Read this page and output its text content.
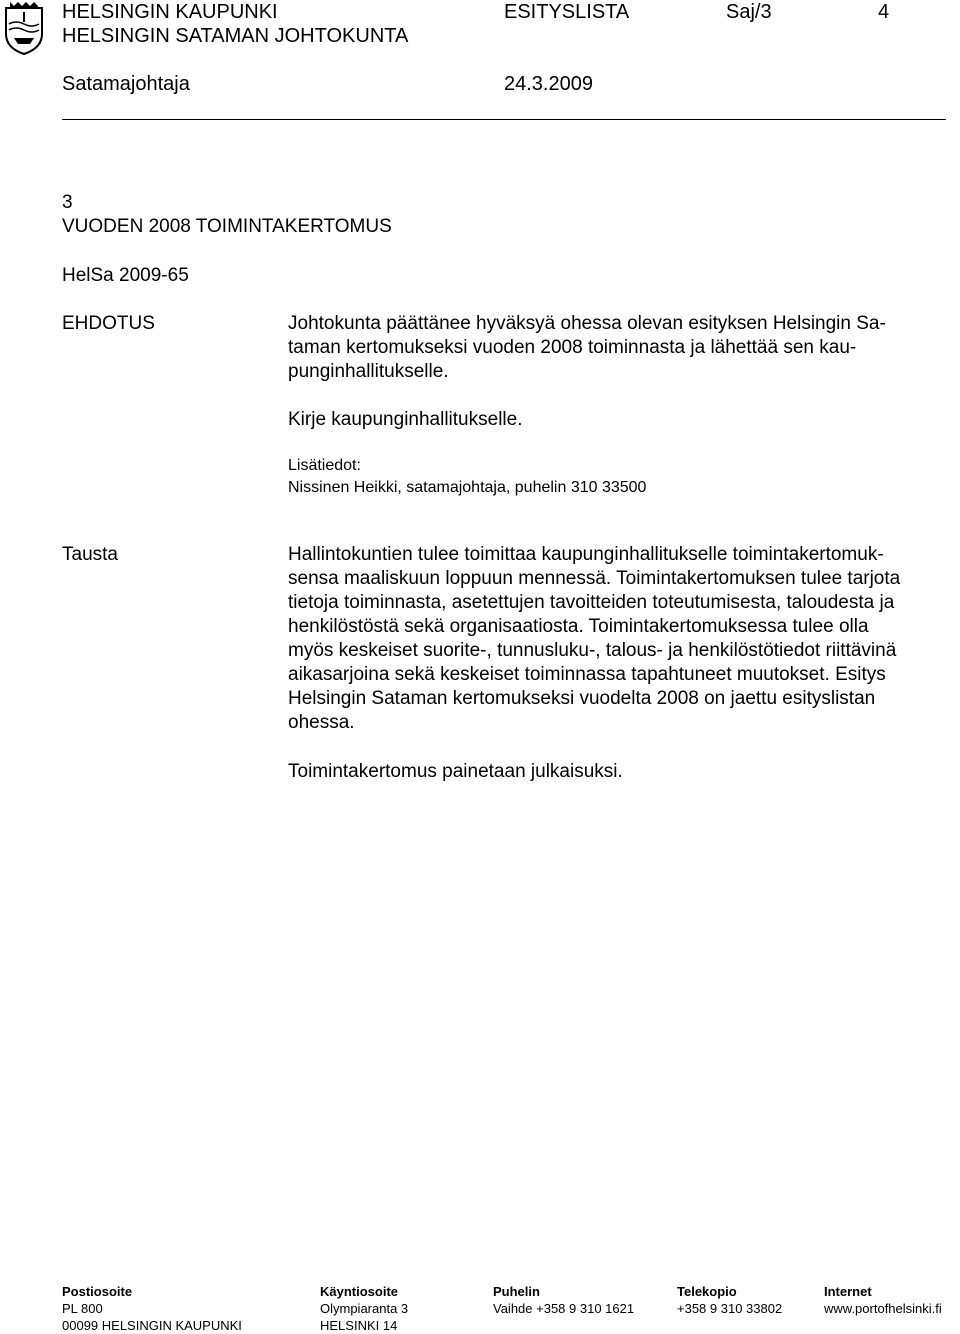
HELSINGIN KAUPUNKI
HELSINGIN SATAMAN JOHTOKUNTA
ESITYSLISTA	Saj/3	4
Satamajohtaja	24.3.2009
3
VUODEN 2008 TOIMINTAKERTOMUS
HelSa 2009-65
EHDOTUS	Johtokunta päättänee hyväksyä ohessa olevan esityksen Helsingin Sa-
taman kertomukseksi vuoden 2008 toiminnasta ja lähettää sen kau-
punginhallitukselle.
Kirje kaupunginhallitukselle.
Lisätiedot:
Nissinen Heikki, satamajohtaja, puhelin 310 33500
Tausta	Hallintokuntien tulee toimittaa kaupunginhallitukselle toimintakertomuk-
sensa maaliskuun loppuun mennessä. Toimintakertomuksen tulee tarjota
tietoja toiminnasta, asetettujen tavoitteiden toteutumisesta, taloudesta ja
henkilöstöstä sekä organisaatiosta. Toimintakertomuksessa tulee olla
myös keskeiset suorite-, tunnusluku-, talous- ja henkilöstötiedot riittävinä
aikasarjoina sekä keskeiset toiminnassa tapahtuneet muutokset. Esitys
Helsingin Sataman kertomukseksi vuodelta 2008 on jaettu esityslistan
ohessa.
Toimintakertomus painetaan julkaisuksi.
Postiosoite
PL 800
00099 HELSINGIN KAUPUNKI
Käyntiosoite
Olympiaranta 3
HELSINKI 14
Puhelin
Vaihde +358 9 310 1621
Telekopio
+358 9 310 33802
Internet
www.portofhelsinki.fi
